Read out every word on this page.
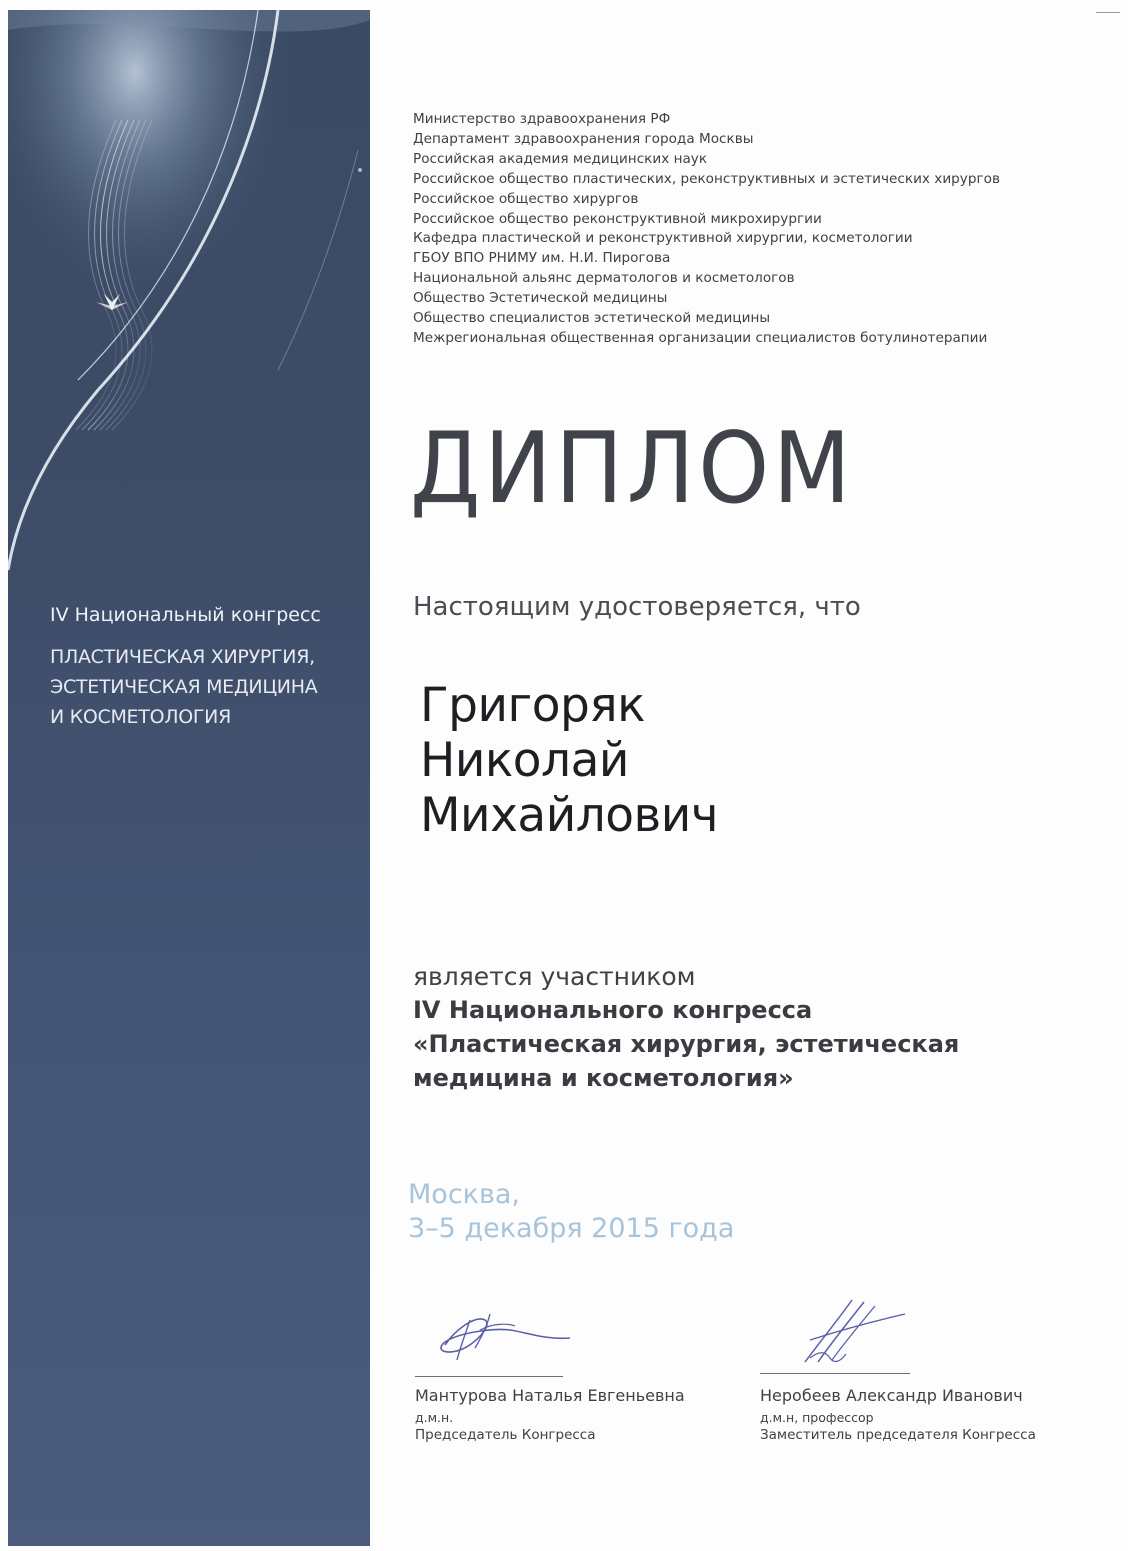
IV Национальный конгресс
ПЛАСТИЧЕСКАЯ ХИРУРГИЯ,
ЭСТЕТИЧЕСКАЯ МЕДИЦИНА
И КОСМЕТОЛОГИЯ
Министерство здравоохранения РФ
Департамент здравоохранения города Москвы
Российская академия медицинских наук
Российское общество пластических, реконструктивных и эстетических хирургов
Российское общество хирургов
Российское общество реконструктивной микрохирургии
Кафедра пластической и реконструктивной хирургии, косметологии
ГБОУ ВПО РНИМУ им. Н.И. Пирогова
Национальной альянс дерматологов и косметологов
Общество Эстетической медицины
Общество специалистов эстетической медицины
Межрегиональная общественная организации специалистов ботулинотерапии
ДИПЛОМ
Настоящим удостоверяется, что
Григоряк
Николай
Михайлович
является участником
IV Национального конгресса
«Пластическая хирургия, эстетическая
медицина и косметология»
Москва,
3–5 декабря 2015 года
Мантурова Наталья Евгеньевна
д.м.н.
Председатель Конгресса
Неробеев Александр Иванович
д.м.н, профессор
Заместитель председателя Конгресса
